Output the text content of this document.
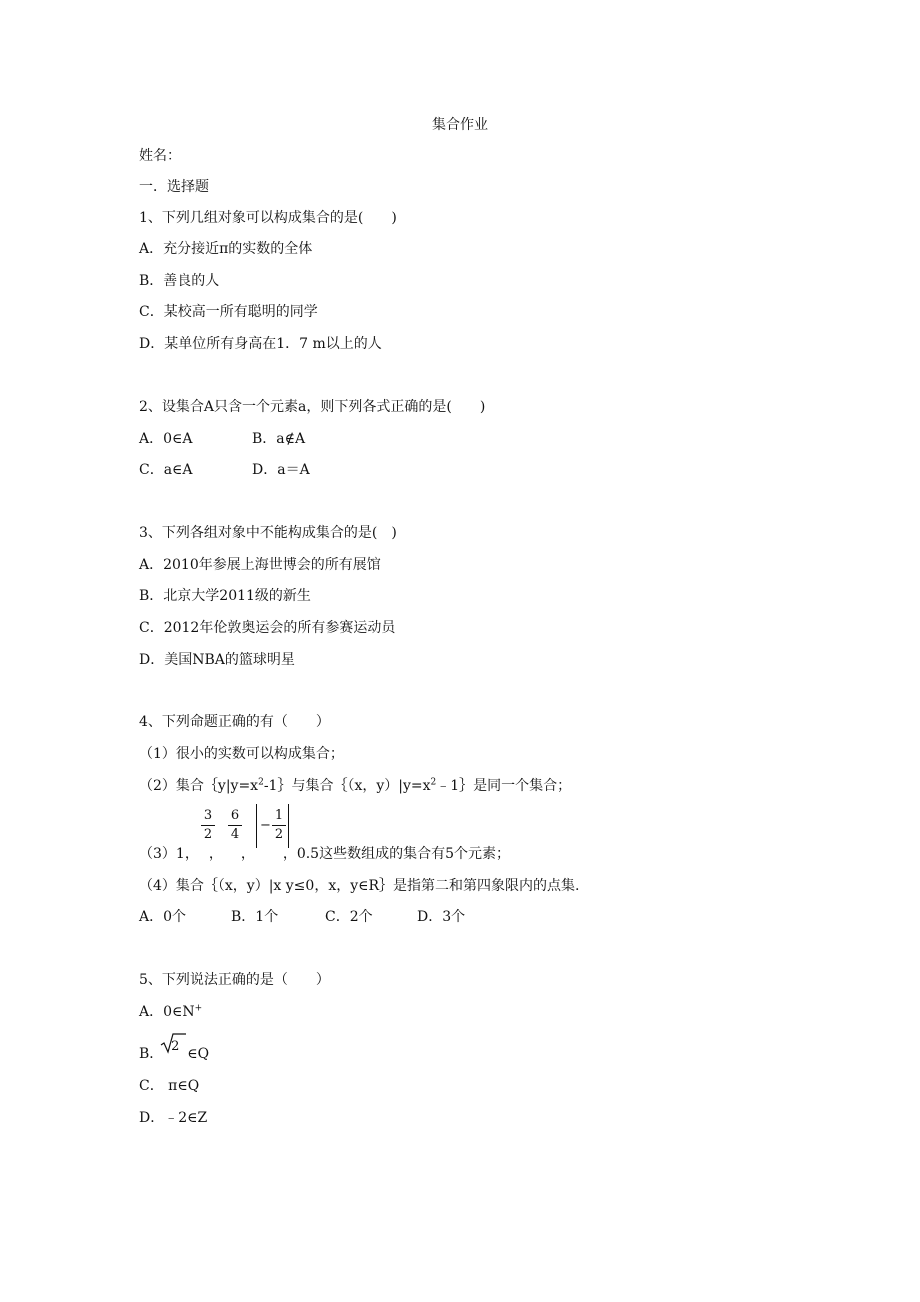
集合作业
姓名：
一．选择题
1、下列几组对象可以构成集合的是(　　)
A．充分接近π的实数的全体
B．善良的人
C．某校高一所有聪明的同学
D．某单位所有身高在1．7 m以上的人
2、设集合A只含一个元素a，则下列各式正确的是(　　)
A．0∈A	B．a∉A
C．a∈A	D．a＝A
3、下列各组对象中不能构成集合的是(　)
A．2010年参展上海世博会的所有展馆
B．北京大学2011级的新生
C．2012年伦敦奥运会的所有参赛运动员
D．美国NBA的篮球明星
4、下列命题正确的有（　　）
（1）很小的实数可以构成集合；
（2）集合$\{y|y=x^2-1\}$与集合｛（x，$y)|y=x^2﹣1\}$是同一个集合；
3
2
6
4
−
1
2
（3）1， ， ， ，0.5这些数组成的集合有5个元素；
（4）集合｛（x，y）|x y≤0，x，y∈R｝是指第二和第四象限内的点集.
A．0个	B．1个	C．2个	D．3个
5、下列说法正确的是（　　）
A．0∈N+
B． 2 ∈Q
C． π∈Q
D．﹣2∈Z
